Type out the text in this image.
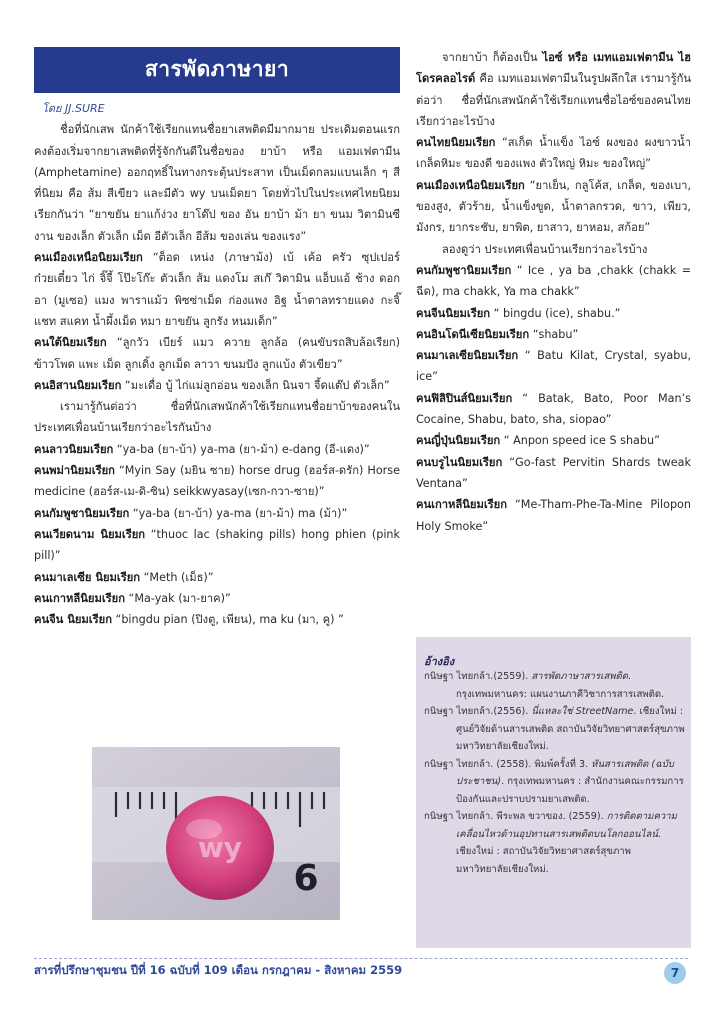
สารพัดภาษายา
โดย JJ.SURE

ชื่อที่นักเสพ นักค้าใช้เรียกแทนชื่อยาเสพติดมีมากมาย ประเดิมตอนแรกคงต้องเริ่มจากยาเสพติดที่รู้จักกันดีในชื่อของ ยาบ้า หรือ แอมเฟตามีน (Amphetamine) ออกฤทธิ์ในทางกระตุ้นประสาท เป็นเม็ดกลมแบนเล็ก ๆ สีที่นิยม คือ ส้ม สีเขียว และมีตัว wy บนเม็ดยา โดยทั่วไปในประเทศไทยนิยมเรียกกันว่า “ยาขยัน ยาแก้ง่วง ยาโด๊ป ของ อัน ยาบ้า ม้า ยา ขนม วิตามินซี งาน ของเล็ก ตัวเล็ก เม็ด อีตัวเล็ก อีส้ม ของเล่น ของแรง”

คนเมืองเหนือนิยมเรียก “ต็อด เหน่ง (ภาษาม้ง) เบ้ เค้อ ครัว ซุปเปอร์ ก๋วยเตี๋ยว ไก่ จิ๊จี้ โป๊ะโก๊ะ ตัวเล็ก ส้ม แดงโม สเก๊ วิตามิน แอ็บแอ้ ช้าง ดอก อา (มูเซอ) แมง พาราแม้ว พิซซ่าเม็ด ก่องแพง อิฐ น้ำตาลทรายแดง กะจิ๊ แชท สแคท น้ำผึ้งเม็ด หมา ยาขยัน ลูกรัง หนมเด็ก”

คนใต้นิยมเรียก “ลูกวัว เบียร์ แมว ควาย ลูกล้อ (คนขับรถสิบล้อเรียก) ข้าวโพด แพะ เม็ด ลูกเดิ้ง ลูกเม็ด ลาวา ขนมปัง ลูกแบ้ง ตัวเขียว”

คนอิสานนิยมเรียก “มะเดื่อ บู้ ไก่แม่ลูกอ่อน ของเล็ก นินจา จี้ดแต๊ป ตัวเล็ก”

เรามารู้กันต่อว่า ชื่อที่นักเสพนักค้าใช้เรียกแทนชื่อยาบ้าของคนในประเทศเพื่อนบ้านเรียกว่าอะไรกันบ้าง

คนลาวนิยมเรียก “ya-ba (ยา-บ้า) ya-ma (ยา-ม้า) e-dang (อี-แดง)”

คนพม่านิยมเรียก “Myin Say (มยิน ซาย) horse drug (ฮอร์ส-ดรัก) Horse medicine (ฮอร์ส-เม-ดิ-ซิน) seikkwyasay(เซก-กวา-ซาย)”

คนกัมพูชานิยมเรียก “ya-ba (ยา-บ้า) ya-ma (ยา-ม้า) ma (ม้า)”

คนเวียดนาม นิยมเรียก “thuoc lac (shaking pills) hong phien (pink pill)”

คนมาเลเซีย นิยมเรียก “Meth (เม็ธ)”

คนเกาหลีนิยมเรียก “Ma-yak (มา-ยาค)”

คนจีน นิยมเรียก “bingdu pian (ปิงตู, เพียน), ma ku (มา, คู) ”

wy
6

จากยาบ้า ก็ต้องเป็น ไอซ์ หรือ เมทแอมเฟตามีน ไฮโดรคลอไรด์ คือ เมทแอมเฟตามีนในรูปผลึกใส เรามารู้กันต่อว่า ชื่อที่นักเสพนักค้าใช้เรียกแทนชื่อไอซ์ของคนไทย เรียกว่าอะไรบ้าง

คนไทยนิยมเรียก “สเก็ต น้ำแข็ง ไอซ์ ผงของ ผงขาวน้ำ เกล็ดหิมะ ของดี ของแพง ตัวใหญ่ หิมะ ของใหญ่”

คนเมืองเหนือนิยมเรียก “ยาเย็น, กลูโค้ส, เกล็ด, ของเบา, ของสูง, ตัวร้าย, น้ำแข็งขูด, น้ำตาลกรวด, ขาว, เพียว, มังกร, ยากระชับ, ยาพิต, ยาสาว, ยาหอม, สก้อย”

ลองดูว่า ประเทศเพื่อนบ้านเรียกว่าอะไรบ้าง

คนกัมพูชานิยมเรียก “ Ice , ya ba ,chakk (chakk = ฉีด), ma chakk, Ya ma chakk”

คนจีนนิยมเรียก “ bingdu (ice), shabu.”

คนอินโดนีเซียนิยมเรียก “shabu”

คนมาเลเซียนิยมเรียก “ Batu Kilat, Crystal, syabu, ice”

คนฟิลิปินส์นิยมเรียก “ Batak, Bato, Poor Man’s Cocaine, Shabu, bato, sha, siopao”

คนญี่ปุ่นนิยมเรียก “ Anpon speed ice S shabu”

คนบรูไนนิยมเรียก “Go-fast Pervitin Shards tweak Ventana”

คนเกาหลีนิยมเรียก “Me-Tham-Phe-Ta-Mine Pilopon Holy Smoke”

อ้างอิง
กนิษฐา ไทยกล้า.(2559). สารพัดภาษาสารเสพติด. กรุงเทพมหานคร: แผนงานภาคีวิชาการสารเสพติด.
กนิษฐา ไทยกล้า.(2556). นี่แหละใช่ StreetName. เชียงใหม่ : ศูนย์วิจัยด้านสารเสพติด สถาบันวิจัยวิทยาศาสตร์สุขภาพ มหาวิทยาลัยเชียงใหม่.
กนิษฐา ไทยกล้า. (2558). พิมพ์ครั้งที่ 3. หันสารเสพติด (ฉบับประชาชน). กรุงเทพมหานคร : สำนักงานคณะกรรมการป้องกันและปราบปรามยาเสพติด.
กนิษฐา ไทยกล้า. พีระพล ขวาของ. (2559). การติดตามความเคลื่อนไหวด้านอุปทานสารเสพติดบนโลกออนไลน์. เชียงใหม่ : สถาบันวิจัยวิทยาศาสตร์สุขภาพ มหาวิทยาลัยเชียงใหม่.
สารที่ปรึกษาชุมชน ปีที่ 16 ฉบับที่ 109 เดือน กรกฎาคม - สิงหาคม 2559	7
